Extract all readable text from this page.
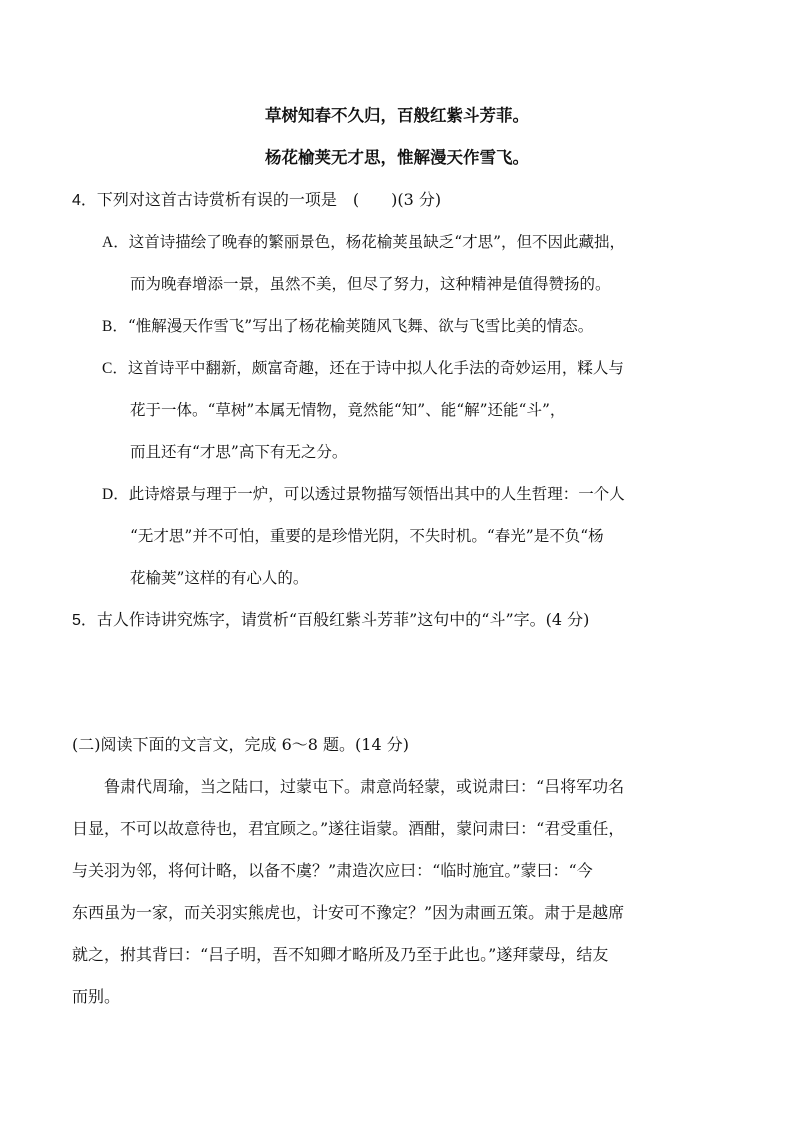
草树知春不久归，百般红紫斗芳菲。
杨花榆荚无才思，惟解漫天作雪飞。
4．下列对这首古诗赏析有误的一项是　(　　)(3 分)
A．这首诗描绘了晚春的繁丽景色，杨花榆荚虽缺乏“才思”，但不因此藏拙，
而为晚春增添一景，虽然不美，但尽了努力，这种精神是值得赞扬的。
B．“惟解漫天作雪飞”写出了杨花榆荚随风飞舞、欲与飞雪比美的情态。
C．这首诗平中翻新，颇富奇趣，还在于诗中拟人化手法的奇妙运用，糅人与
花于一体。“草树”本属无情物，竟然能“知”、能“解”还能“斗”，
而且还有“才思”高下有无之分。
D．此诗熔景与理于一炉，可以透过景物描写领悟出其中的人生哲理：一个人
“无才思”并不可怕，重要的是珍惜光阴，不失时机。“春光”是不负“杨
花榆荚”这样的有心人的。
5．古人作诗讲究炼字，请赏析“百般红紫斗芳菲”这句中的“斗”字。(4 分)
(二)阅读下面的文言文，完成 6～8 题。(14 分)
鲁肃代周瑜，当之陆口，过蒙屯下。肃意尚轻蒙，或说肃曰：“吕将军功名
日显，不可以故意待也，君宜顾之。”遂往诣蒙。酒酣，蒙问肃曰：“君受重任，
与关羽为邻，将何计略，以备不虞？”肃造次应曰：“临时施宜。”蒙曰：“今
东西虽为一家，而关羽实熊虎也，计安可不豫定？”因为肃画五策。肃于是越席
就之，拊其背曰：“吕子明，吾不知卿才略所及乃至于此也。”遂拜蒙母，结友
而别。
